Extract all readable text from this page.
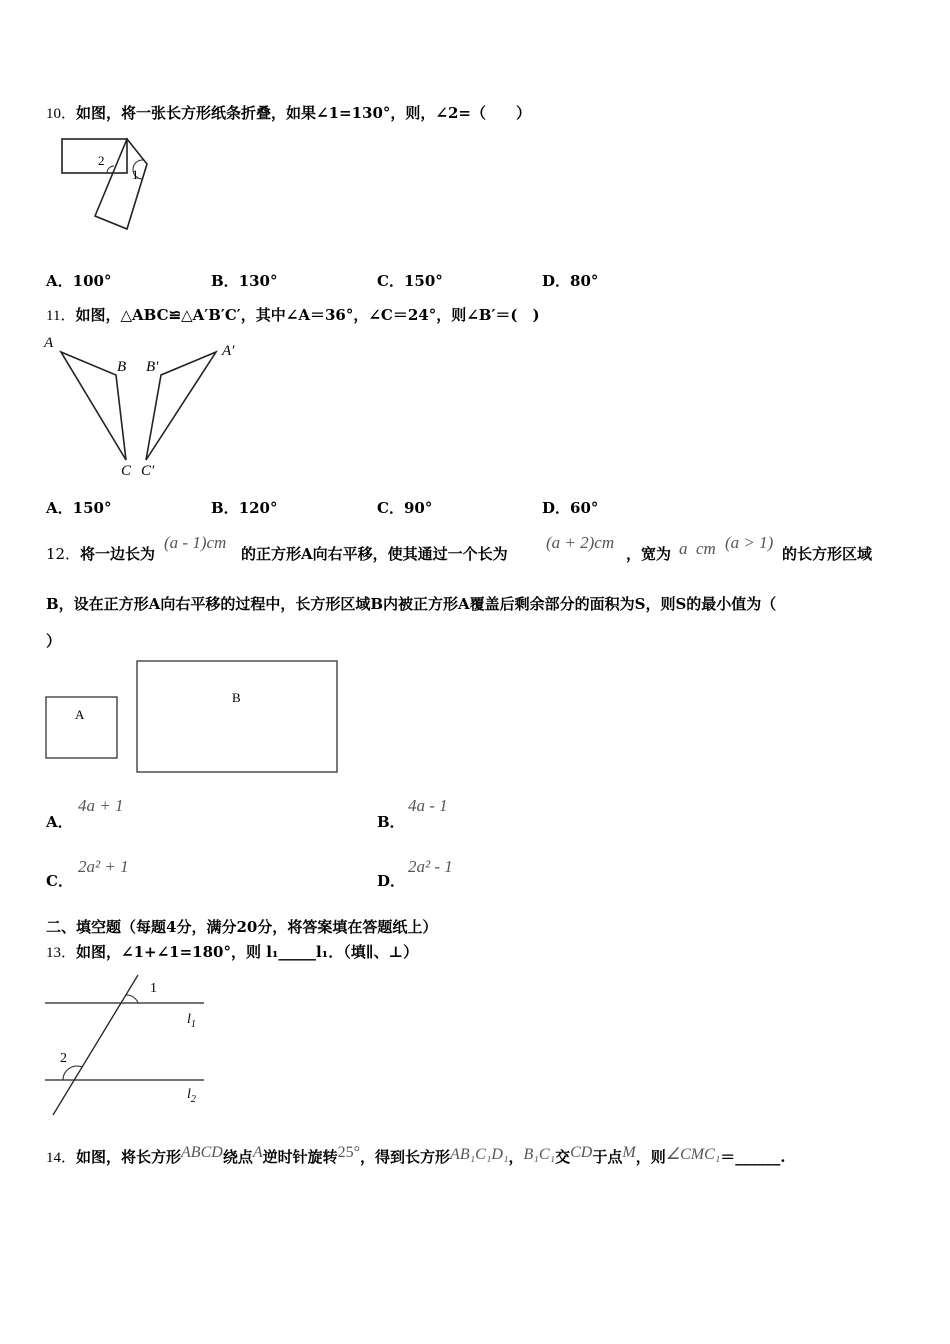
10．如图，将一张长方形纸条折叠，如果∠1=130°，则，∠2=（　　）
2
1
A．100°	B．130°	C．150°	D．80°
11．如图，△ABC≌△A′B′C′，其中∠A＝36°，∠C＝24°，则∠B′＝(　)
A
B
C
B′
A′
C′
A．150°	B．120°	C．90°	D．60°
12． 将一边长为
(a - 1)cm
的正方形A向右平移，使其通过一个长为
(a + 2)cm
，宽为 a  cm (a > 1)
的长方形区域
B，设在正方形A向右平移的过程中，长方形区域B内被正方形A覆盖后剩余部分的面积为S，则S的最小值为（
）
A
B
A．
4a + 1
B．
4a - 1
C．
2a² + 1
D．
2a² - 1
二、填空题（每题4分，满分20分，将答案填在答题纸上）
13．如图，∠1+∠1=180°，则 l₁_____l₁．（填∥、⊥）
1
$l_1$
2
$l_2$
14．如图，将长方形ABCD绕点A逆时针旋转25°，得到长方形AB₁C₁D₁，B₁C₁交CD于点M，则∠CMC₁＝______.
